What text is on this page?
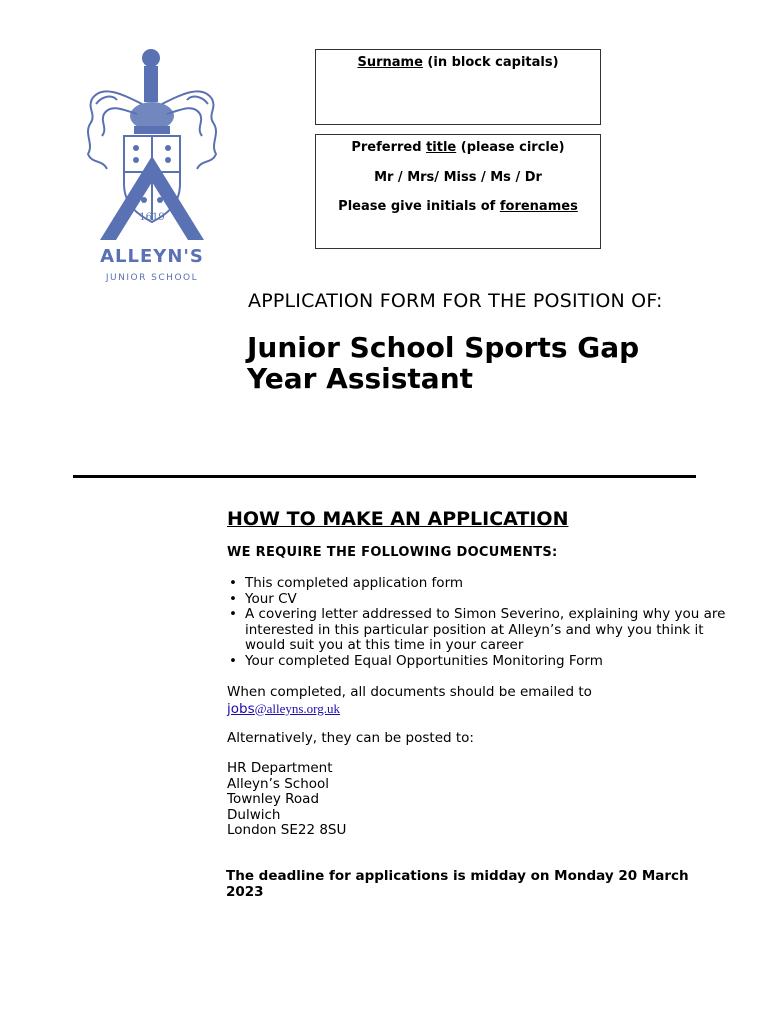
1619
ALLEYN'S
JUNIOR SCHOOL
Surname (in block capitals)
Preferred title (please circle)
Mr / Mrs/ Miss / Ms / Dr
Please give initials of forenames
APPLICATION FORM FOR THE POSITION OF:
Junior School Sports Gap Year Assistant
HOW TO MAKE AN APPLICATION
WE REQUIRE THE FOLLOWING DOCUMENTS:
• This completed application form
• Your CV
• A covering letter addressed to Simon Severino, explaining why you are interested in this particular position at Alleyn’s and why you think it would suit you at this time in your career
• Your completed Equal Opportunities Monitoring Form
When completed, all documents should be emailed to
jobs@alleyns.org.uk
Alternatively, they can be posted to:
HR Department
Alleyn’s School
Townley Road
Dulwich
London SE22 8SU
The deadline for applications is midday on Monday 20 March 2023
